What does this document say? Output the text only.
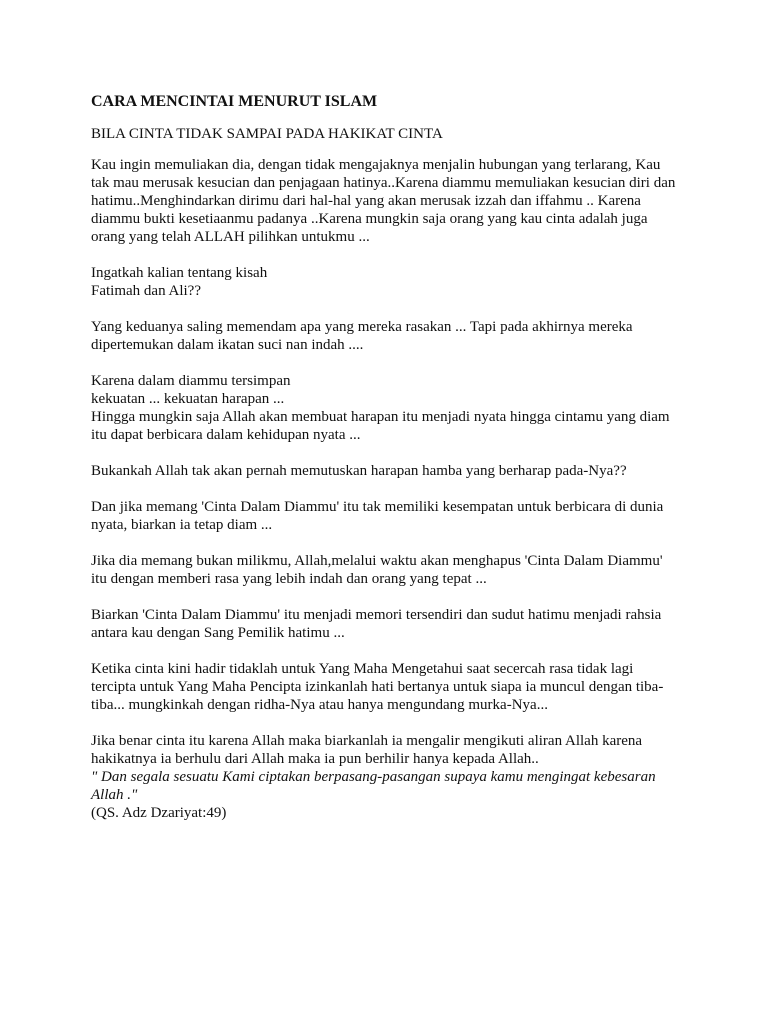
CARA MENCINTAI MENURUT ISLAM
BILA CINTA TIDAK SAMPAI PADA HAKIKAT CINTA
Kau ingin memuliakan dia, dengan tidak mengajaknya menjalin hubungan yang terlarang, Kau
tak mau merusak kesucian dan penjagaan hatinya..Karena diammu memuliakan kesucian diri dan
hatimu..Menghindarkan dirimu dari hal-hal yang akan merusak izzah dan iffahmu .. Karena
diammu bukti kesetiaanmu padanya ..Karena mungkin saja orang yang kau cinta adalah juga
orang yang telah ALLAH pilihkan untukmu ...
Ingatkah kalian tentang kisah
Fatimah dan Ali??
Yang keduanya saling memendam apa yang mereka rasakan ... Tapi pada akhirnya mereka
dipertemukan dalam ikatan suci nan indah ....
Karena dalam diammu tersimpan
kekuatan ... kekuatan harapan ...
Hingga mungkin saja Allah akan membuat harapan itu menjadi nyata hingga cintamu yang diam
itu dapat berbicara dalam kehidupan nyata ...
Bukankah Allah tak akan pernah memutuskan harapan hamba yang berharap pada-Nya??
Dan jika memang 'Cinta Dalam Diammu' itu tak memiliki kesempatan untuk berbicara di dunia
nyata, biarkan ia tetap diam ...
Jika dia memang bukan milikmu, Allah,melalui waktu akan menghapus 'Cinta Dalam Diammu'
itu dengan memberi rasa yang lebih indah dan orang yang tepat ...
Biarkan 'Cinta Dalam Diammu' itu menjadi memori tersendiri dan sudut hatimu menjadi rahsia
antara kau dengan Sang Pemilik hatimu ...
Ketika cinta kini hadir tidaklah untuk Yang Maha Mengetahui saat secercah rasa tidak lagi
tercipta untuk Yang Maha Pencipta izinkanlah hati bertanya untuk siapa ia muncul dengan tiba-
tiba... mungkinkah dengan ridha-Nya atau hanya mengundang murka-Nya...
Jika benar cinta itu karena Allah maka biarkanlah ia mengalir mengikuti aliran Allah karena
hakikatnya ia berhulu dari Allah maka ia pun berhilir hanya kepada Allah..
" Dan segala sesuatu Kami ciptakan berpasang-pasangan supaya kamu mengingat kebesaran
Allah ."
(QS. Adz Dzariyat:49)
